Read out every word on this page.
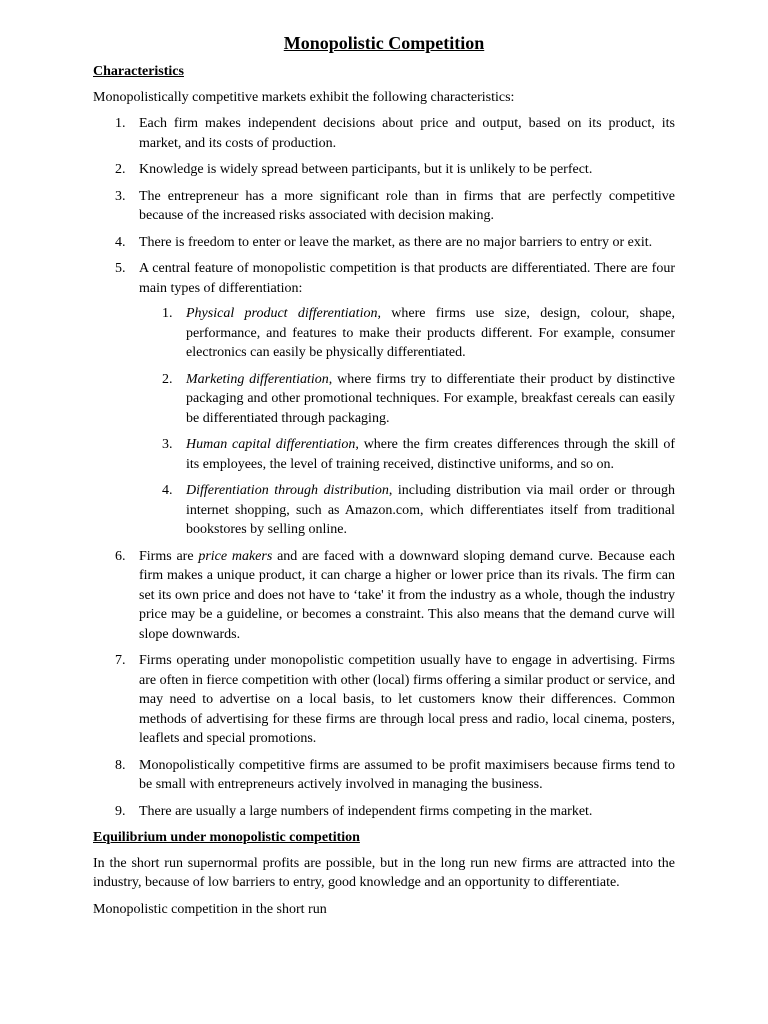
Monopolistic Competition
Characteristics

Monopolistically competitive markets exhibit the following characteristics:

1. Each firm makes independent decisions about price and output, based on its product, its market, and its costs of production.
2. Knowledge is widely spread between participants, but it is unlikely to be perfect.
3. The entrepreneur has a more significant role than in firms that are perfectly competitive because of the increased risks associated with decision making.
4. There is freedom to enter or leave the market, as there are no major barriers to entry or exit.
5. A central feature of monopolistic competition is that products are differentiated. There are four main types of differentiation:
1. Physical product differentiation, where firms use size, design, colour, shape, performance, and features to make their products different. For example, consumer electronics can easily be physically differentiated.
2. Marketing differentiation, where firms try to differentiate their product by distinctive packaging and other promotional techniques. For example, breakfast cereals can easily be differentiated through packaging.
3. Human capital differentiation, where the firm creates differences through the skill of its employees, the level of training received, distinctive uniforms, and so on.
4. Differentiation through distribution, including distribution via mail order or through internet shopping, such as Amazon.com, which differentiates itself from traditional bookstores by selling online.
6. Firms are price makers and are faced with a downward sloping demand curve. Because each firm makes a unique product, it can charge a higher or lower price than its rivals. The firm can set its own price and does not have to ‘take' it from the industry as a whole, though the industry price may be a guideline, or becomes a constraint. This also means that the demand curve will slope downwards.
7. Firms operating under monopolistic competition usually have to engage in advertising. Firms are often in fierce competition with other (local) firms offering a similar product or service, and may need to advertise on a local basis, to let customers know their differences. Common methods of advertising for these firms are through local press and radio, local cinema, posters, leaflets and special promotions.
8. Monopolistically competitive firms are assumed to be profit maximisers because firms tend to be small with entrepreneurs actively involved in managing the business.
9. There are usually a large numbers of independent firms competing in the market.
Equilibrium under monopolistic competition

In the short run supernormal profits are possible, but in the long run new firms are attracted into the industry, because of low barriers to entry, good knowledge and an opportunity to differentiate.

Monopolistic competition in the short run
